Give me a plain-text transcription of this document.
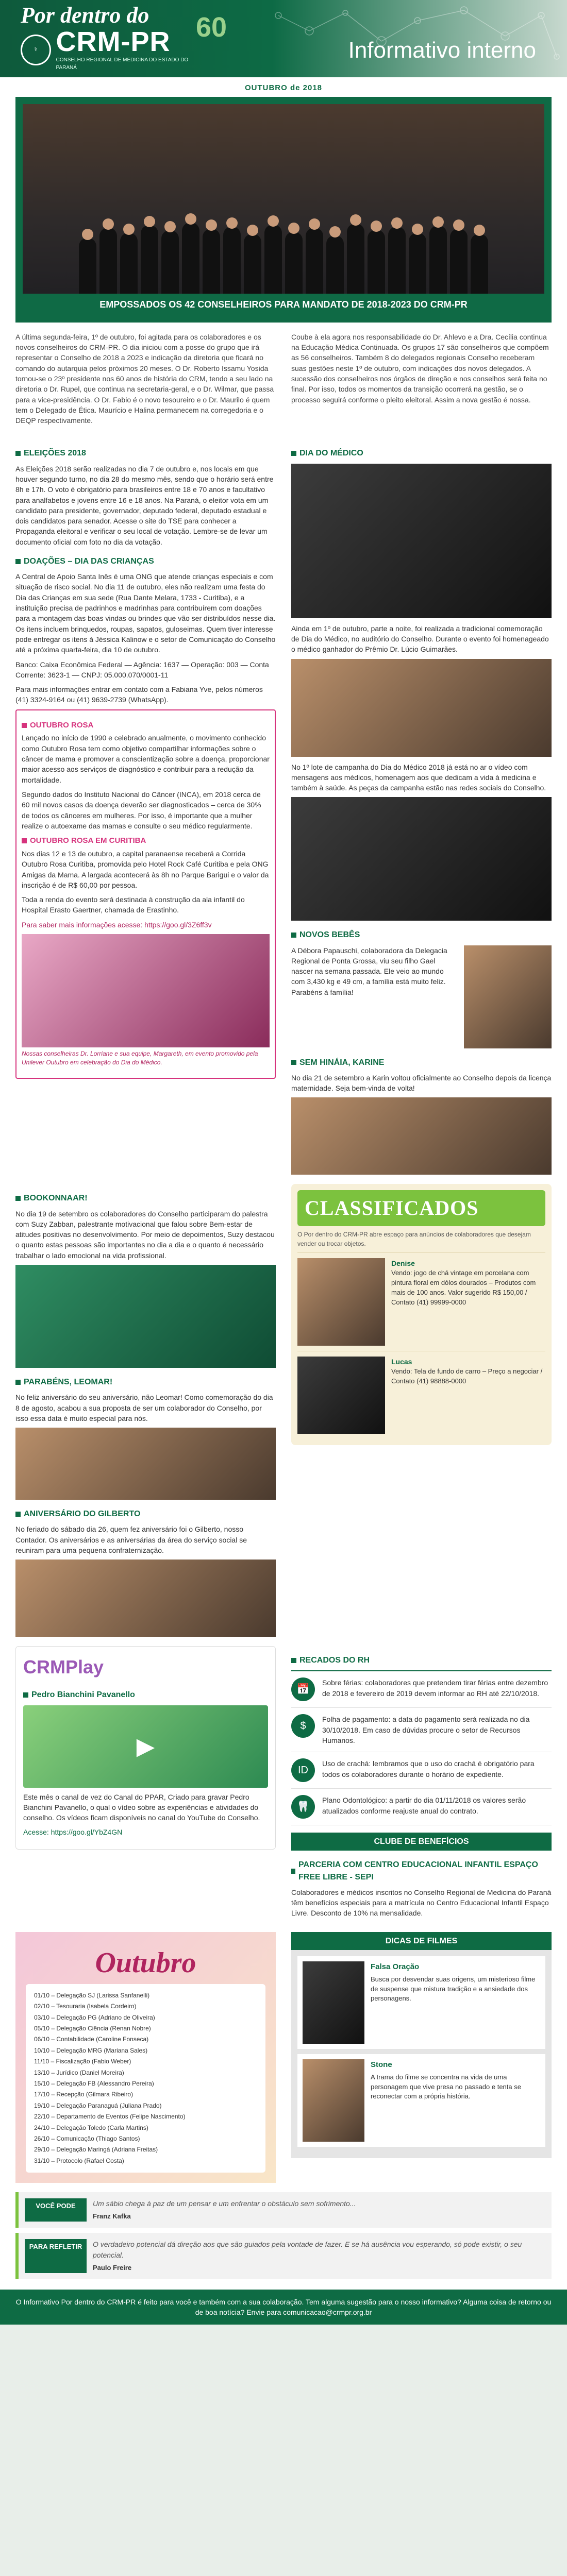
Por dentro do
⚕ CRM-PR
CONSELHO REGIONAL DE MEDICINA DO ESTADO DO PARANÁ
60
Informativo interno
OUTUBRO de 2018
EMPOSSADOS OS 42 CONSELHEIROS PARA MANDATO DE 2018-2023 DO CRM-PR

A última segunda-feira, 1º de outubro, foi agitada para os colaboradores e os novos conselheiros do CRM-PR. O dia iniciou com a posse do grupo que irá representar o Conselho de 2018 a 2023 e indicação da diretoria que ficará no comando do autarquia pelos próximos 20 meses. O Dr. Roberto Issamu Yosida tornou-se o 23º presidente nos 60 anos de história do CRM, tendo a seu lado na diretoria o Dr. Rupel, que continua na secretaria-geral, e o Dr. Wilmar, que passa para a vice-presidência. O Dr. Fabio é o novo tesoureiro e o Dr. Maurilo é quem tem o Delegado de Ética. Maurício e Halina permanecem na corregedoria e o DEQP respectivamente.

Coube à ela agora nos responsabilidade do Dr. Ahlevo e a Dra. Cecília continua na Educação Médica Continuada. Os grupos 17 são conselheiros que compõem as 56 conselheiros. Também 8 do delegados regionais Conselho receberam suas gestões neste 1º de outubro, com indicações dos novos delegados. A sucessão dos conselheiros nos órgãos de direção e nos conselhos será feita no final. Por isso, todos os momentos da transição ocorrerá na gestão, se o processo seguirá conforme o pleito eleitoral. Assim a nova gestão é nossa.

ELEIÇÕES 2018

As Eleições 2018 serão realizadas no dia 7 de outubro e, nos locais em que houver segundo turno, no dia 28 do mesmo mês, sendo que o horário será entre 8h e 17h. O voto é obrigatório para brasileiros entre 18 e 70 anos e facultativo para analfabetos e jovens entre 16 e 18 anos. Na Paraná, o eleitor vota em um candidato para presidente, governador, deputado federal, deputado estadual e dois candidatos para senador. Acesse o site do TSE para conhecer a Propaganda eleitoral e verificar o seu local de votação. Lembre-se de levar um documento oficial com foto no dia da votação.

DOAÇÕES – DIA DAS CRIANÇAS

A Central de Apoio Santa Inês é uma ONG que atende crianças especiais e com situação de risco social. No dia 11 de outubro, eles não realizam uma festa do Dia das Crianças em sua sede (Rua Dante Melara, 1733 - Curitiba), e a instituição precisa de padrinhos e madrinhas para contribuírem com doações para a montagem das boas vindas ou brindes que vão ser distribuídos nesse dia. Os itens incluem brinquedos, roupas, sapatos, guloseimas. Quem tiver interesse pode entregar os itens à Jéssica Kalinow e o setor de Comunicação do Conselho até a próxima quarta-feira, dia 10 de outubro.

Banco: Caixa Econômica Federal — Agência: 1637 — Operação: 003 — Conta Corrente: 3623-1 — CNPJ: 05.000.070/0001-11

Para mais informações entrar em contato com a Fabiana Yve, pelos números (41) 3324-9164 ou (41) 9639-2739 (WhatsApp).

OUTUBRO ROSA

Lançado no início de 1990 e celebrado anualmente, o movimento conhecido como Outubro Rosa tem como objetivo compartilhar informações sobre o câncer de mama e promover a conscientização sobre a doença, proporcionar maior acesso aos serviços de diagnóstico e contribuir para a redução da mortalidade.

Segundo dados do Instituto Nacional do Câncer (INCA), em 2018 cerca de 60 mil novos casos da doença deverão ser diagnosticados – cerca de 30% de todos os cânceres em mulheres. Por isso, é importante que a mulher realize o autoexame das mamas e consulte o seu médico regularmente.

OUTUBRO ROSA EM CURITIBA

Nos dias 12 e 13 de outubro, a capital paranaense receberá a Corrida Outubro Rosa Curitiba, promovida pelo Hotel Rock Café Curitiba e pela ONG Amigas da Mama. A largada acontecerá às 8h no Parque Barigui e o valor da inscrição é de R$ 60,00 por pessoa.

Toda a renda do evento será destinada à construção da ala infantil do Hospital Erasto Gaertner, chamada de Erastinho.

Para saber mais informações acesse: https://goo.gl/3Z6ff3v

Nossas conselheiras Dr. Lorriane e sua equipe, Margareth, em evento promovido pela Unilever Outubro em celebração do Dia do Médico.
DIA DO MÉDICO

Ainda em 1º de outubro, parte a noite, foi realizada a tradicional comemoração de Dia do Médico, no auditório do Conselho. Durante o evento foi homenageado o médico ganhador do Prêmio Dr. Lúcio Guimarães.

No 1º lote de campanha do Dia do Médico 2018 já está no ar o vídeo com mensagens aos médicos, homenagem aos que dedicam a vida à medicina e também à saúde. As peças da campanha estão nas redes sociais do Conselho.

NOVOS BEBÊS

A Débora Papauschi, colaboradora da Delegacia Regional de Ponta Grossa, viu seu filho Gael nascer na semana passada. Ele veio ao mundo com 3,430 kg e 49 cm, a família está muito feliz. Parabéns à família!

SEM HINÁIA, KARINE

No dia 21 de setembro a Karin voltou oficialmente ao Conselho depois da licença maternidade. Seja bem-vinda de volta!

BOOKONNAAR!

No dia 19 de setembro os colaboradores do Conselho participaram do palestra com Suzy Zabban, palestrante motivacional que falou sobre Bem-estar de atitudes positivas no desenvolvimento. Por meio de depoimentos, Suzy destacou o quanto estas pessoas são importantes no dia a dia e o quanto é necessário trabalhar o lado emocional na vida profissional.

PARABÉNS, LEOMAR!

No feliz aniversário do seu aniversário, não Leomar! Como comemoração do dia 8 de agosto, acabou a sua proposta de ser um colaborador do Conselho, por isso essa data é muito especial para nós.

ANIVERSÁRIO DO GILBERTO

No feriado do sábado dia 26, quem fez aniversário foi o Gilberto, nosso Contador. Os aniversários e as aniversárias da área do serviço social se reuniram para uma pequena confraternização.

CLASSIFICADOS
O Por dentro do CRM-PR abre espaço para anúncios de colaboradores que desejam vender ou trocar objetos.
Denise
Vendo: jogo de chá vintage em porcelana com pintura floral em dólos dourados – Produtos com mais de 100 anos. Valor sugerido R$ 150,00 / Contato (41) 99999-0000
Lucas
Vendo: Tela de fundo de carro – Preço a negociar / Contato (41) 98888-0000
CRMPlay
Pedro Bianchini Pavanello
▶

Este mês o canal de vez do Canal do PPAR, Criado para gravar Pedro Bianchini Pavanello, o qual o vídeo sobre as experiências e atividades do conselho. Os vídeos ficam disponíveis no canal do YouTube do Conselho.

Acesse: https://goo.gl/YbZ4GN

RECADOS DO RH
📅
Sobre férias: colaboradores que pretendem tirar férias entre dezembro de 2018 e fevereiro de 2019 devem informar ao RH até 22/10/2018.
$
Folha de pagamento: a data do pagamento será realizada no dia 30/10/2018. Em caso de dúvidas procure o setor de Recursos Humanos.
ID
Uso de crachá: lembramos que o uso do crachá é obrigatório para todos os colaboradores durante o horário de expediente.
🦷
Plano Odontológico: a partir do dia 01/11/2018 os valores serão atualizados conforme reajuste anual do contrato.
CLUBE DE BENEFÍCIOS
PARCERIA COM CENTRO EDUCACIONAL INFANTIL ESPAÇO FREE LIBRE - SEPI

Colaboradores e médicos inscritos no Conselho Regional de Medicina do Paraná têm benefícios especiais para a matrícula no Centro Educacional Infantil Espaço Livre. Desconto de 10% na mensalidade.

Outubro
01/10 – Delegação SJ (Larissa Sanfanelli)
02/10 – Tesouraria (Isabela Cordeiro)
03/10 – Delegação PG (Adriano de Oliveira)
05/10 – Delegação Ciência (Renan Nobre)
06/10 – Contabilidade (Caroline Fonseca)
10/10 – Delegação MRG (Mariana Sales)
11/10 – Fiscalização (Fabio Weber)
13/10 – Jurídico (Daniel Moreira)
15/10 – Delegação FB (Alessandro Pereira)
17/10 – Recepção (Gilmara Ribeiro)
19/10 – Delegação Paranaguá (Juliana Prado)
22/10 – Departamento de Eventos (Felipe Nascimento)
24/10 – Delegação Toledo (Carla Martins)
26/10 – Comunicação (Thiago Santos)
29/10 – Delegação Maringá (Adriana Freitas)
31/10 – Protocolo (Rafael Costa)
DICAS DE FILMES
Falsa Oração

Busca por desvendar suas origens, um misterioso filme de suspense que mistura tradição e a ansiedade dos personagens.

Stone

A trama do filme se concentra na vida de uma personagem que vive presa no passado e tenta se reconectar com a própria história.

VOCÊ PODE	Um sábio chega à paz de um pensar e um enfrentar o obstáculo sem sofrimento...
Franz Kafka
PARA REFLETIR	O verdadeiro potencial dá direção aos que são guiados pela vontade de fazer. E se há ausência vou esperando, só pode existir, o seu potencial.
Paulo Freire
O Informativo Por dentro do CRM-PR é feito para você e também com a sua colaboração. Tem alguma sugestão para o nosso informativo? Alguma coisa de retorno ou de boa notícia? Envie para comunicacao@crmpr.org.br
